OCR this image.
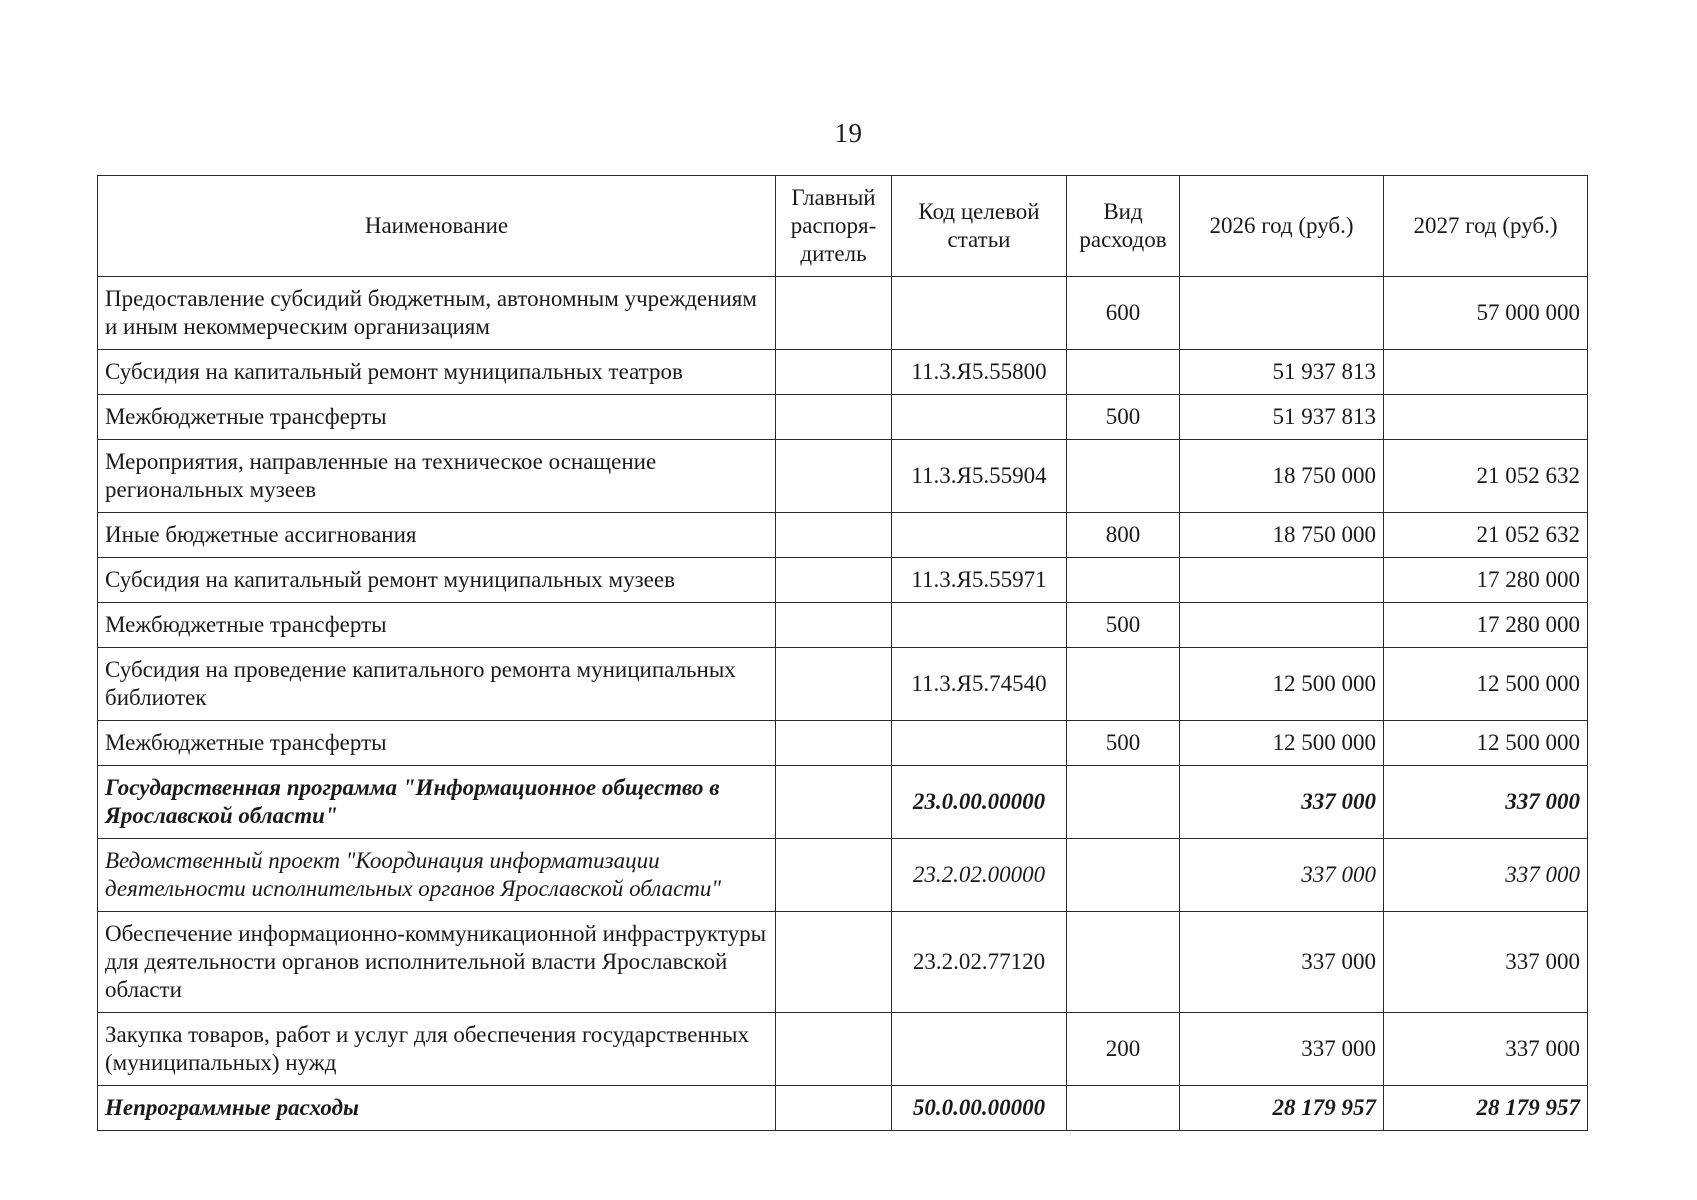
19
Наименование	Главный распоря-дитель	Код целевой статьи	Вид расходов	2026 год (руб.)	2027 год (руб.)
Предоставление субсидий бюджетным, автономным учреждениям и иным некоммерческим организациям			600		57 000 000
Субсидия на капитальный ремонт муниципальных театров		11.3.Я5.55800		51 937 813	
Межбюджетные трансферты			500	51 937 813	
Мероприятия, направленные на техническое оснащение региональных музеев		11.3.Я5.55904		18 750 000	21 052 632
Иные бюджетные ассигнования			800	18 750 000	21 052 632
Субсидия на капитальный ремонт муниципальных музеев		11.3.Я5.55971			17 280 000
Межбюджетные трансферты			500		17 280 000
Субсидия на проведение капитального ремонта муниципальных библиотек		11.3.Я5.74540		12 500 000	12 500 000
Межбюджетные трансферты			500	12 500 000	12 500 000
Государственная программа "Информационное общество в Ярославской области"		23.0.00.00000		337 000	337 000
Ведомственный проект "Координация информатизации деятельности исполнительных органов Ярославской области"		23.2.02.00000		337 000	337 000
Обеспечение информационно-коммуникационной инфраструктуры для деятельности органов исполнительной власти Ярославской области		23.2.02.77120		337 000	337 000
Закупка товаров, работ и услуг для обеспечения государственных (муниципальных) нужд			200	337 000	337 000
Непрограммные расходы		50.0.00.00000		28 179 957	28 179 957
